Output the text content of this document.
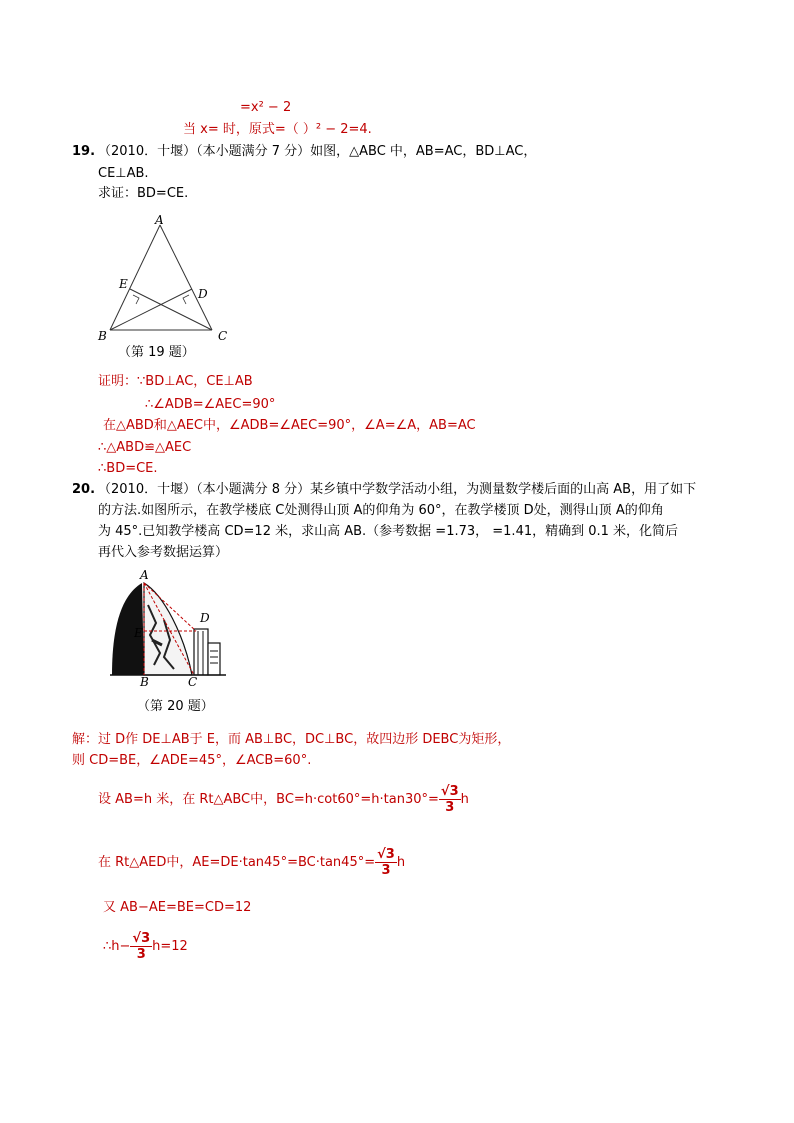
=x² − 2
当 x= 时，原式=（ ）² − 2=4.
19. （2010．十堰）（本小题满分 7 分）如图，△ABC 中，AB=AC，BD⊥AC，
CE⊥AB.
求证：BD=CE.
A
E
D
B	C
（第 19 题）
证明：∵BD⊥AC，CE⊥AB
∴∠ADB=∠AEC=90°
在△ABD和△AEC中，∠ADB=∠AEC=90°，∠A=∠A，AB=AC
∴△ABD≌△AEC
∴BD=CE.
20. （2010．十堰）（本小题满分 8 分）某乡镇中学数学活动小组，为测量数学楼后面的山高 AB，用了如下
的方法.如图所示，在教学楼底 C处测得山顶 A的仰角为 60°，在教学楼顶 D处，测得山顶 A的仰角
为 45°.已知教学楼高 CD=12 米，求山高 AB.（参考数据 =1.73， =1.41，精确到 0.1 米，化简后
再代入参考数据运算）
A
D
E
B	C
（第 20 题）
解：过 D作 DE⊥AB于 E，而 AB⊥BC，DC⊥BC，故四边形 DEBC为矩形，
则 CD=BE，∠ADE=45°，∠ACB=60°.
设 AB=h 米，在 Rt△ABC中，$BC=h\cdot\cot 60^\circ=h\cdot\tan 30^\circ= \frac{√3}{3}$ h
在 Rt△AED中，$AE=DE\cdot\tan 45^\circ=BC\cdot\tan 45^\circ= \frac{√3}{3}$ h
又 AB−AE=BE=CD=12
∴h− $\frac{√3}{3} h=12$
